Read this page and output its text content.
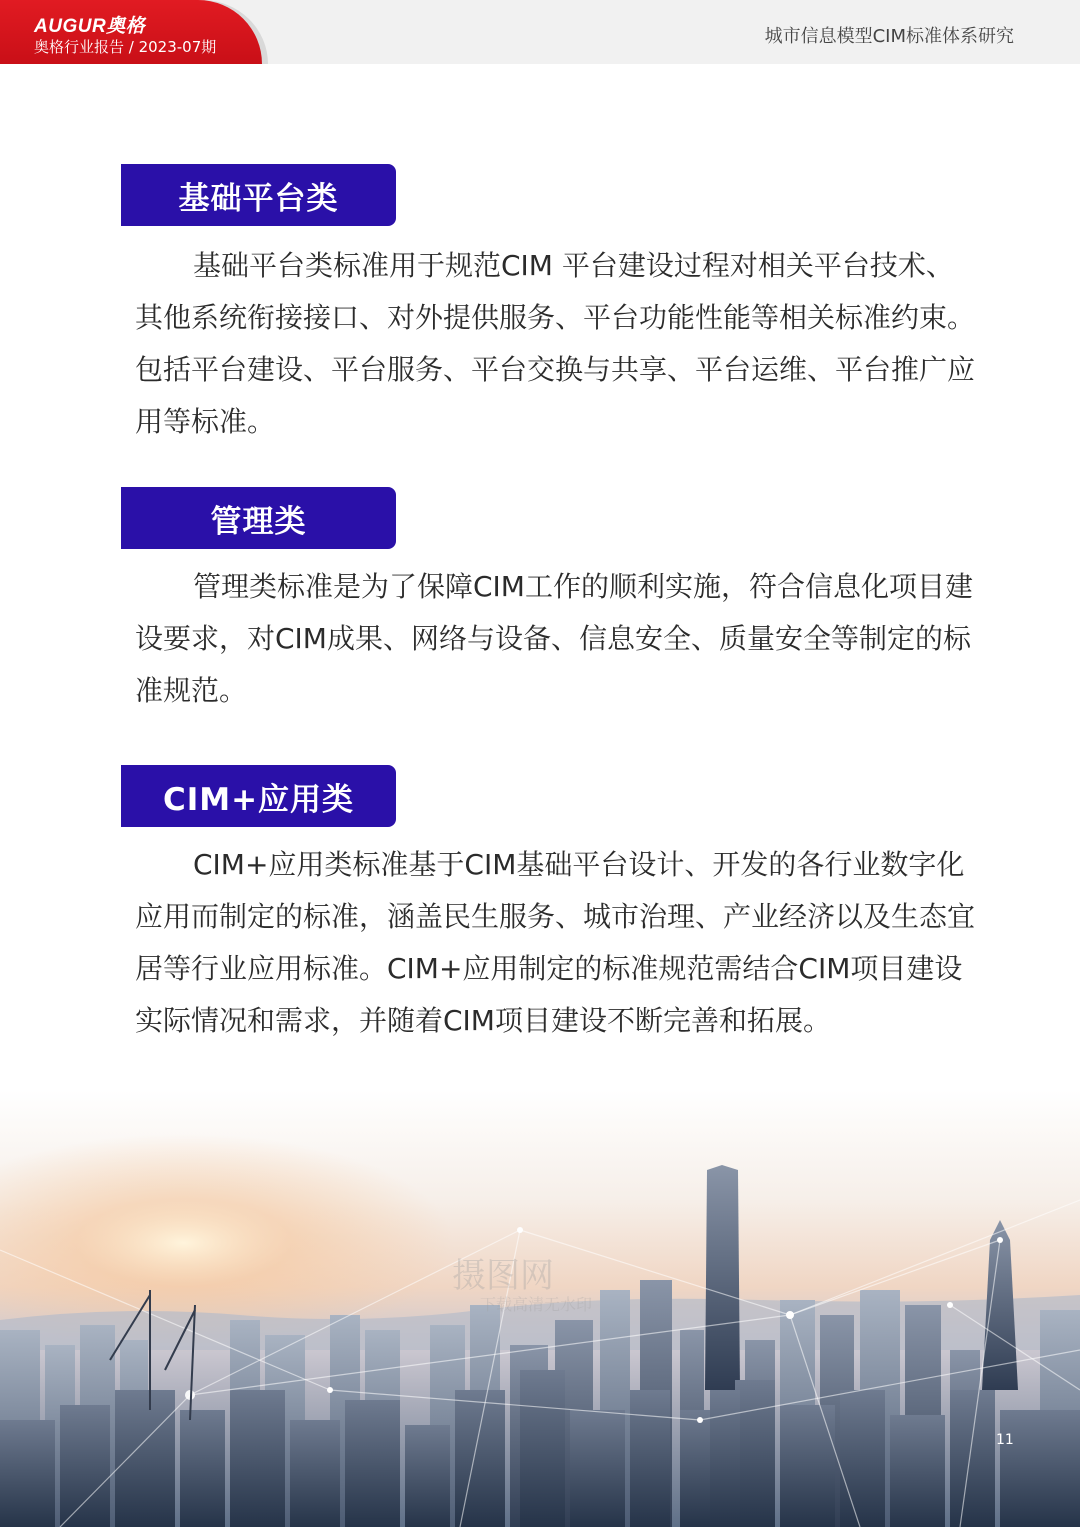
AUGUR奥格
奥格行业报告 / 2023-07期	城市信息模型CIM标准体系研究
基础平台类

基础平台类标准用于规范CIM 平台建设过程对相关平台技术、其他系统衔接接口、对外提供服务、平台功能性能等相关标准约束。包括平台建设、平台服务、平台交换与共享、平台运维、平台推广应用等标准。

管理类

管理类标准是为了保障CIM工作的顺利实施，符合信息化项目建设要求，对CIM成果、网络与设备、信息安全、质量安全等制定的标准规范。

CIM+应用类

CIM+应用类标准基于CIM基础平台设计、开发的各行业数字化应用而制定的标准，涵盖民生服务、城市治理、产业经济以及生态宜居等行业应用标准。CIM+应用制定的标准规范需结合CIM项目建设实际情况和需求，并随着CIM项目建设不断完善和拓展。

摄图网
下载高清无水印
11
